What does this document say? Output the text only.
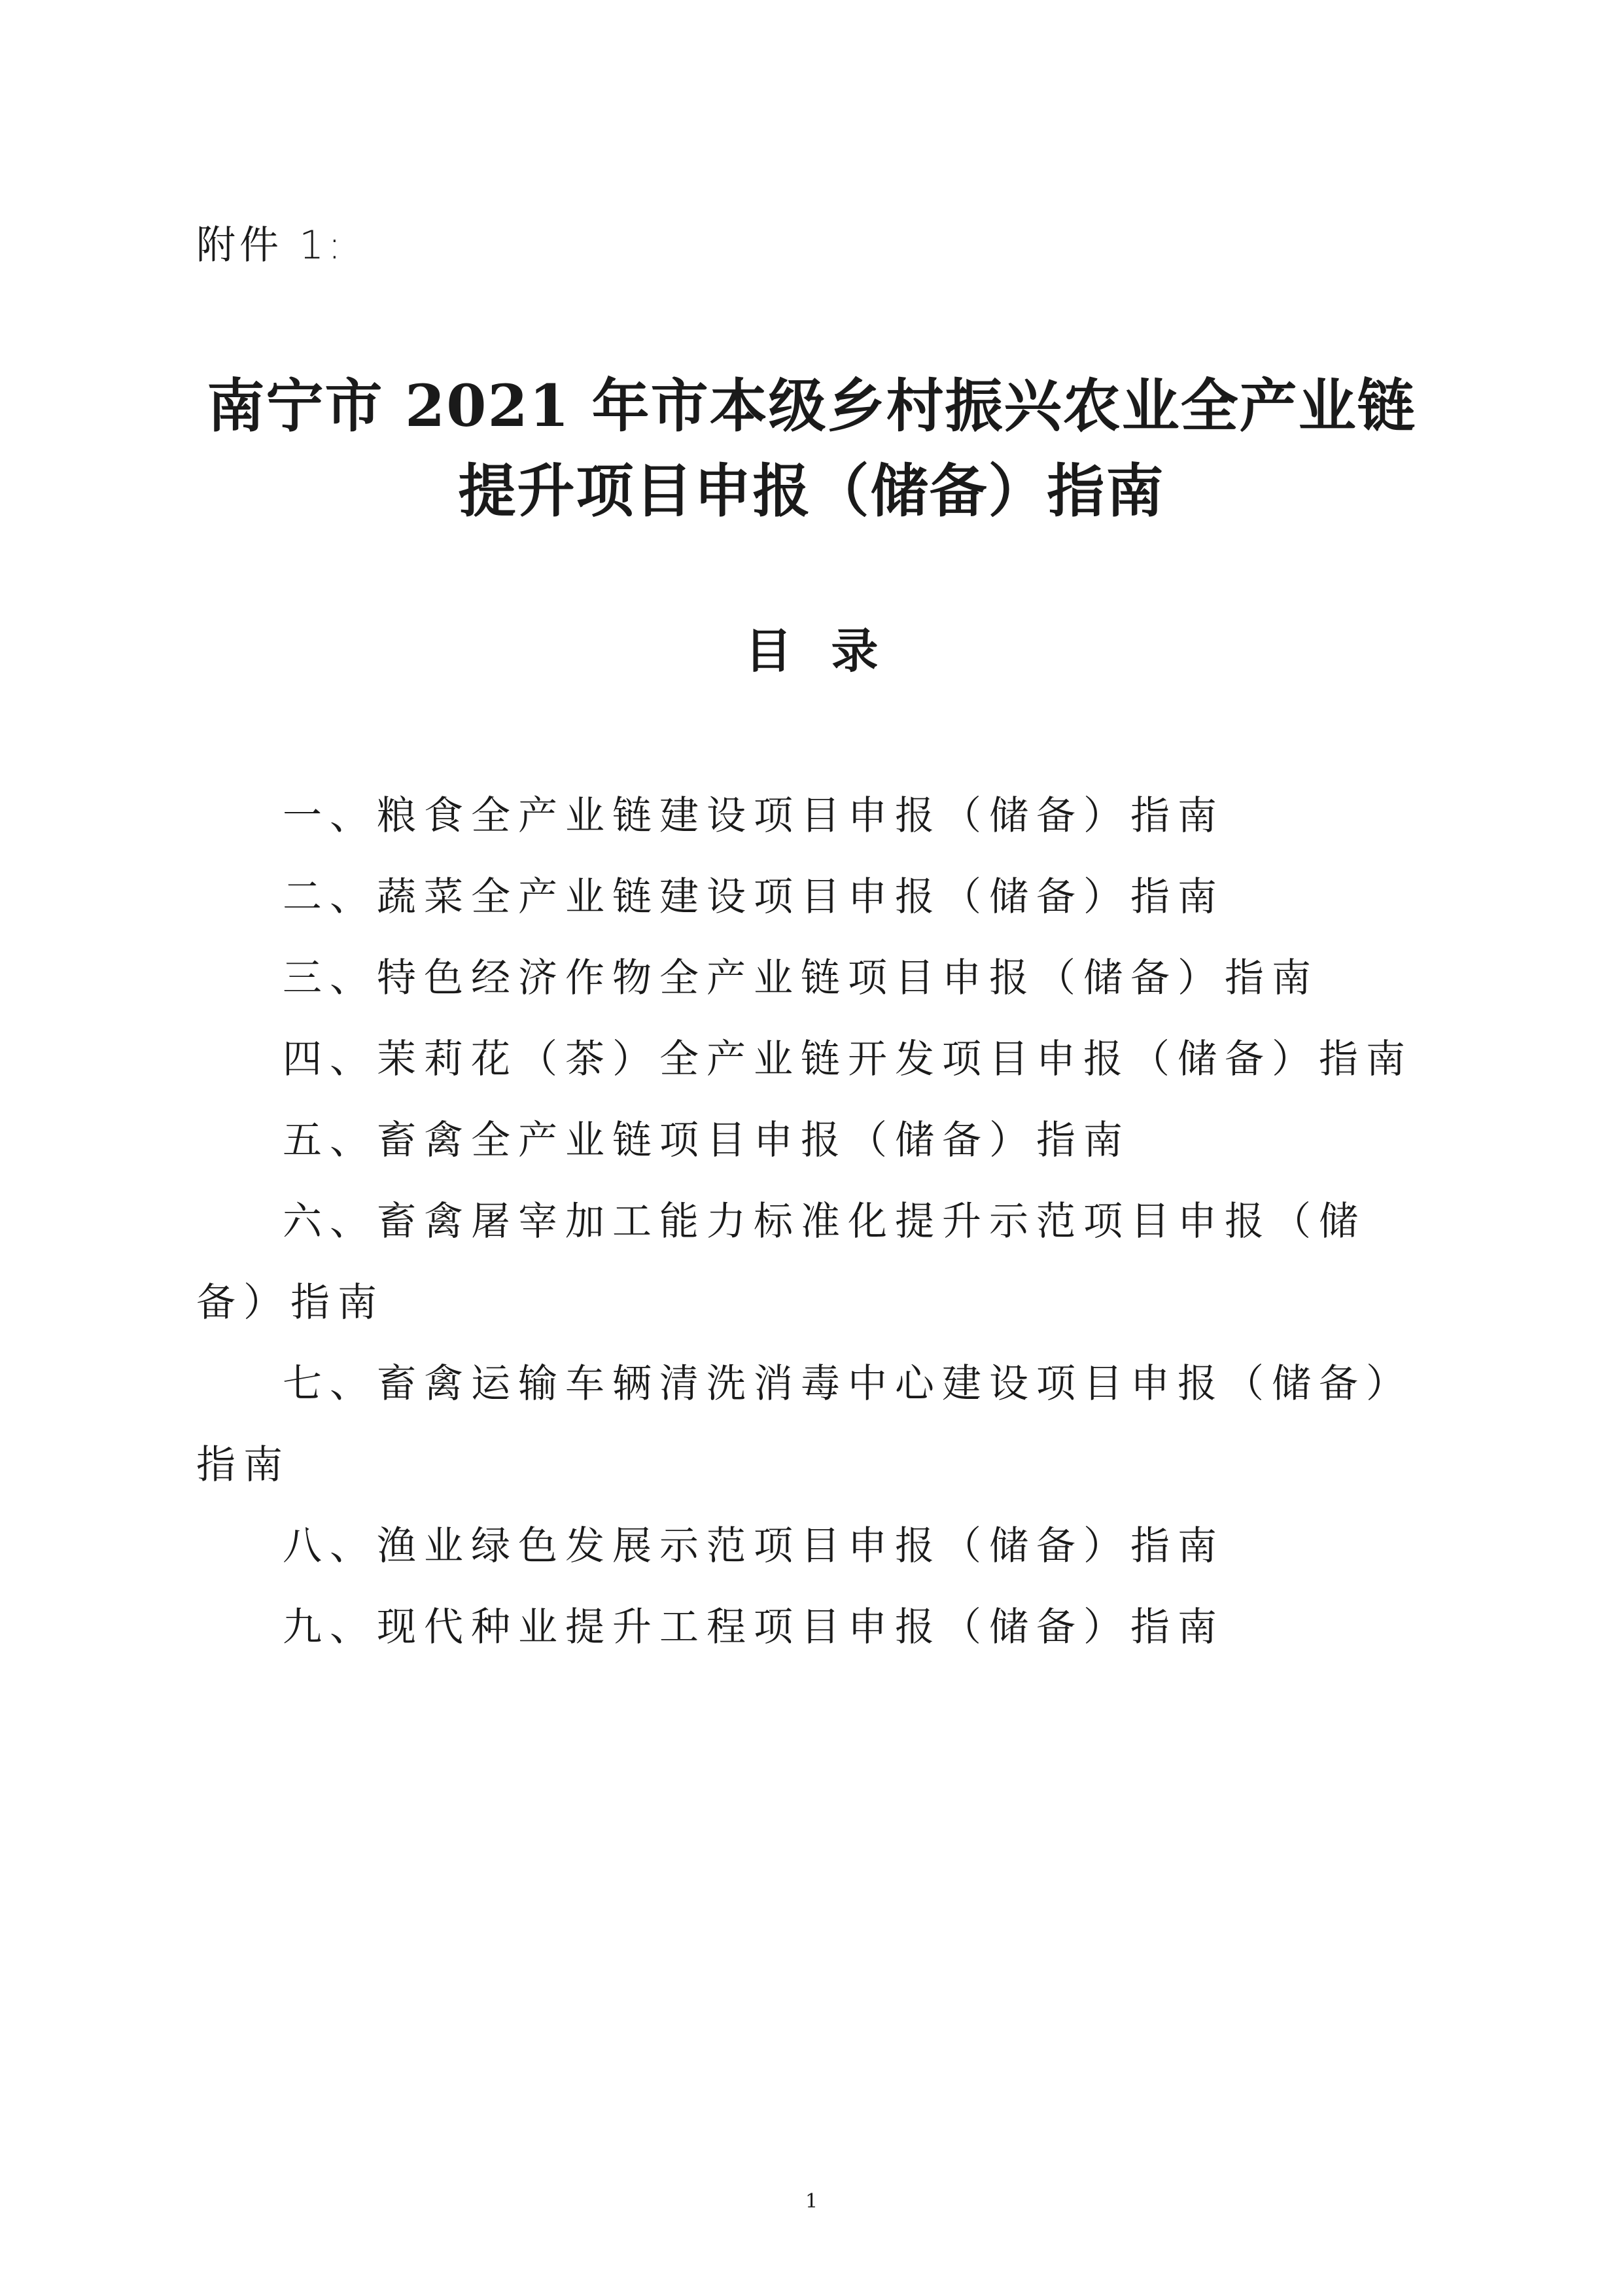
附件 1:
南宁市 2021 年市本级乡村振兴农业全产业链
提升项目申报（储备）指南
目录

一、粮食全产业链建设项目申报（储备）指南

二、蔬菜全产业链建设项目申报（储备）指南

三、特色经济作物全产业链项目申报（储备）指南

四、茉莉花（茶）全产业链开发项目申报（储备）指南

五、畜禽全产业链项目申报（储备）指南

六、畜禽屠宰加工能力标准化提升示范项目申报（储备）指南

七、畜禽运输车辆清洗消毒中心建设项目申报（储备）指南

八、渔业绿色发展示范项目申报（储备）指南

九、现代种业提升工程项目申报（储备）指南

1
